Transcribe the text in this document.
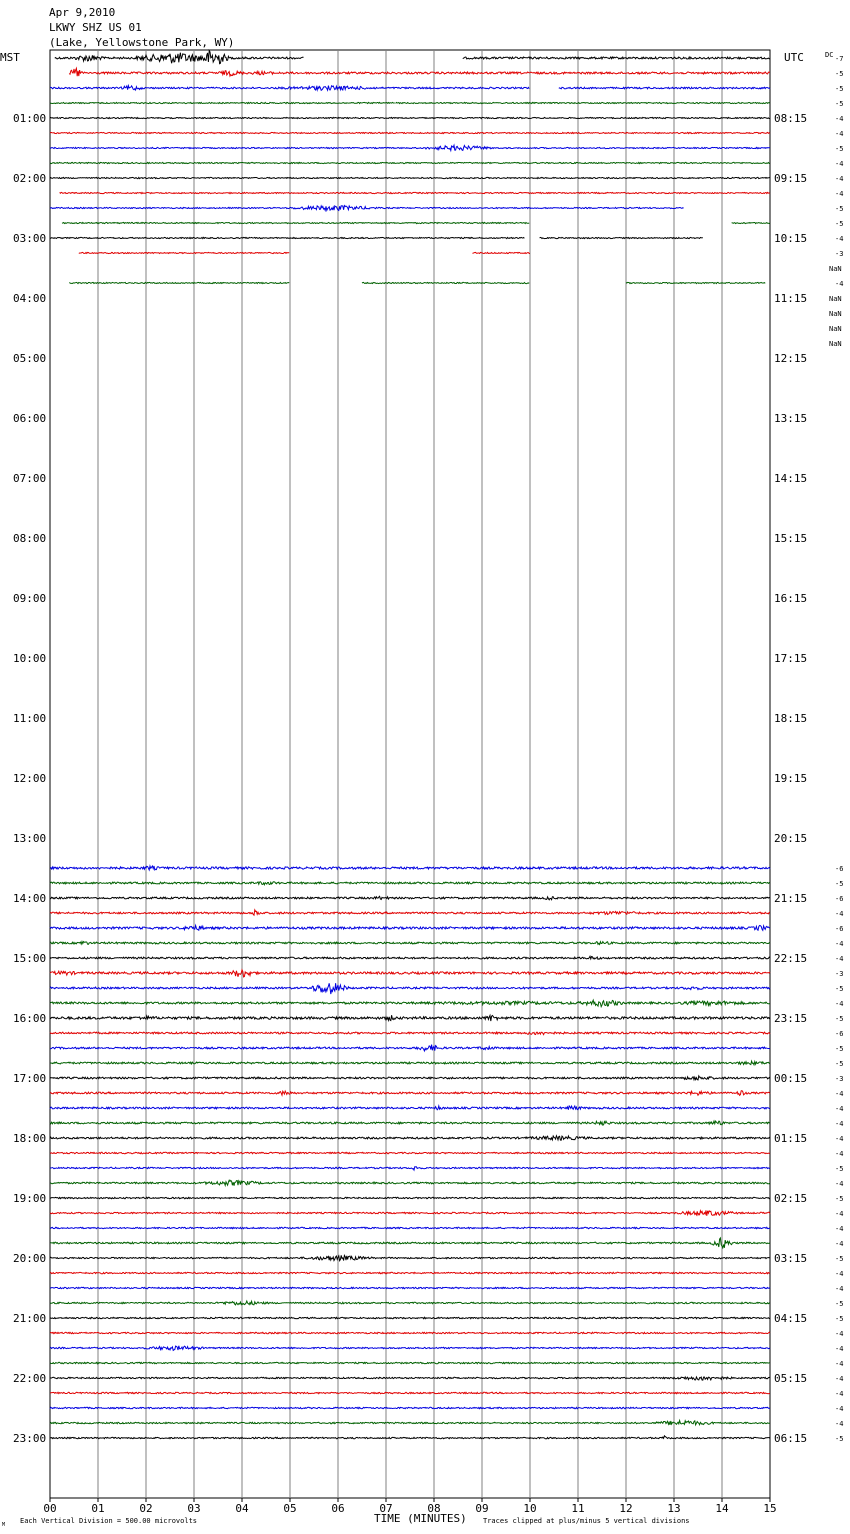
Apr 9,2010
LKWY SHZ US 01
(Lake, Yellowstone Park, WY)
MST	UTC	DC
01:00
02:00
03:00
04:00
05:00
06:00
07:00
08:00
09:00
10:00
11:00
12:00
13:00
14:00
15:00
16:00
17:00
18:00
19:00
20:00
21:00
22:00
23:00
08:15
09:15
10:15
11:15
12:15
13:15
14:15
15:15
16:15
17:15
18:15
19:15
20:15
21:15
22:15
23:15
00:15
01:15
02:15
03:15
04:15
05:15
06:15
-7
-5
-5
-5
-4
-4
-5
-4
-4
-4
-5
-5
-4
-3
NaN
-4
NaN
NaN
NaN
NaN
-6
-5
-6
-4
-6
-4
-4
-3
-5
-4
-5
-6
-5
-5
-3
-4
-4
-4
-4
-4
-5
-4
-5
-4
-4
-4
-5
-4
-4
-5
-5
-4
-4
-4
-4
-4
-4
-4
-5
00	01	02	03	04	05	06	07	08	09	10	11	12	13	14	15
TIME (MINUTES)
Each Vertical Division = 500.00 microvolts	Traces clipped at plus/minus 5 vertical divisions
M
